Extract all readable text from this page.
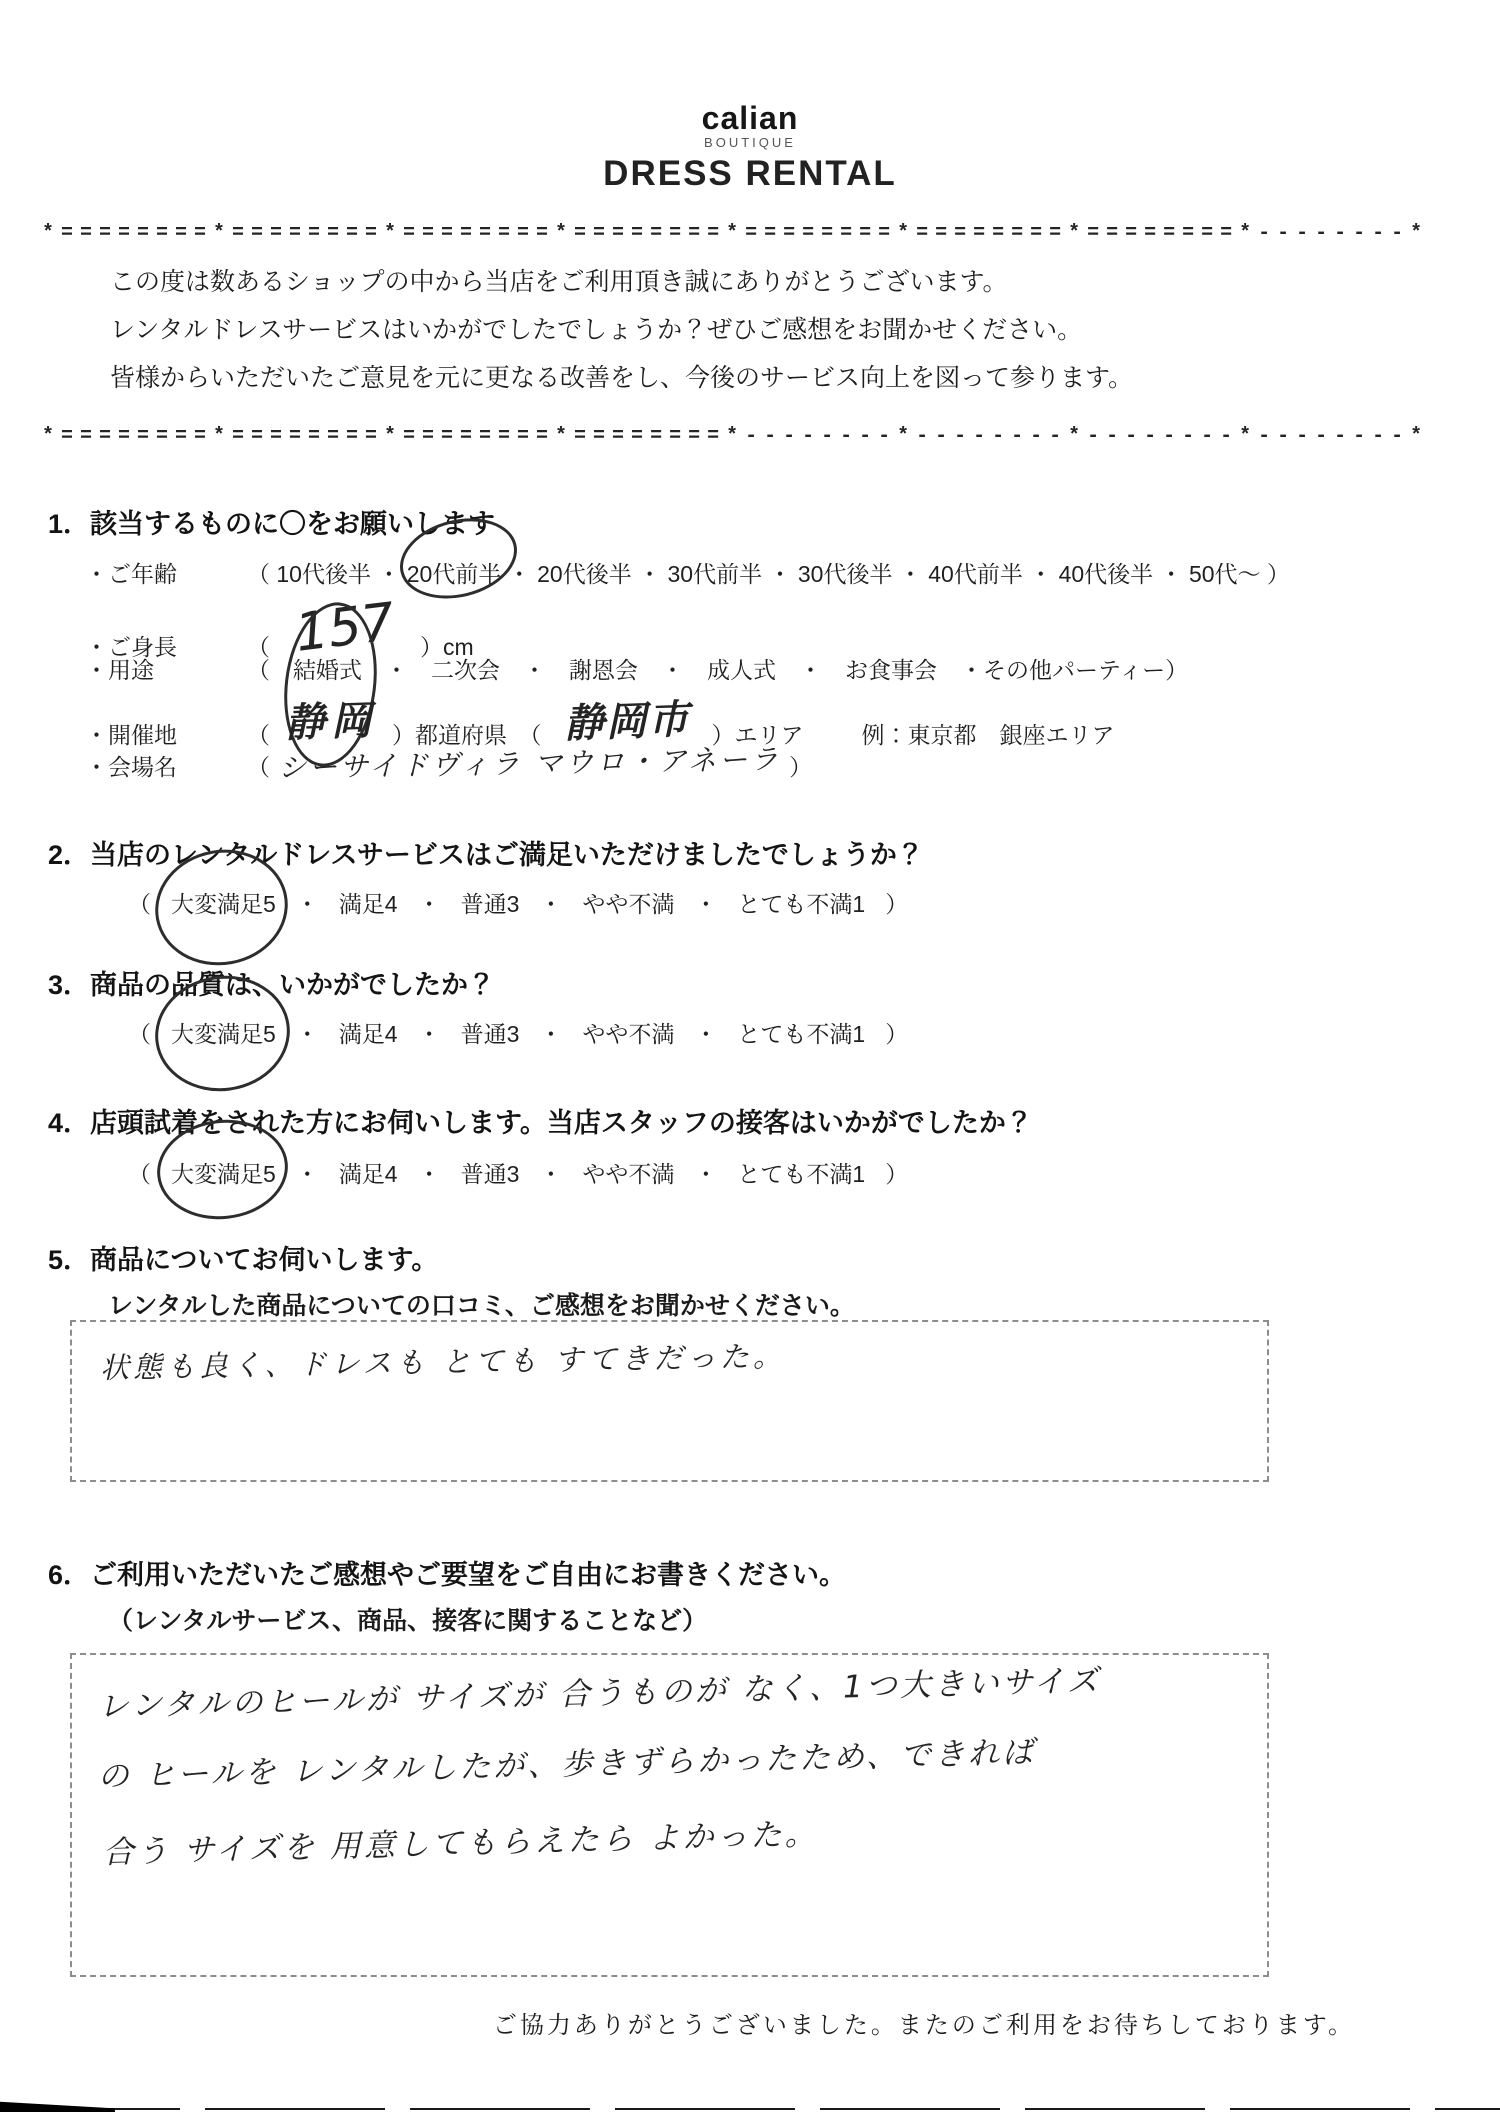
calian
BOUTIQUE
DRESS RENTAL
*========*========*========*========*========*========*========*--------*

この度は数あるショップの中から当店をご利用頂き誠にありがとうございます。

レンタルドレスサービスはいかがでしたでしょうか？ぜひご感想をお聞かせください。

皆様からいただいたご意見を元に更なる改善をし、今後のサービス向上を図って参ります。

*========*========*========*========*--------*--------*--------*--------*
1．該当するものに〇をお願いします
・ご年齢	（ 10代後半 ・ 20代前半 ・ 20代後半 ・ 30代前半 ・ 30代後半 ・ 40代前半 ・ 40代後半 ・ 50代～ ）
・ご身長	（ 157 ）cm
・用途	（　結婚式　・　二次会　・　謝恩会　・　成人式　・　お食事会　・その他パーティー）
・開催地	（ 静岡 ）都道府県　（ 静岡市 ）エリア	例：東京都　銀座エリア
・会場名	（ シーサイドヴィラ マウロ・アネーラ ）
2．当店のレンタルドレスサービスはご満足いただけましたでしょうか？
（ 大変満足5 ・ 満足4 ・ 普通3 ・ やや不満 ・ とても不満1 ）
3．商品の品質は、いかがでしたか？
（ 大変満足5 ・ 満足4 ・ 普通3 ・ やや不満 ・ とても不満1 ）
4．店頭試着をされた方にお伺いします。当店スタッフの接客はいかがでしたか？
（ 大変満足5 ・ 満足4 ・ 普通3 ・ やや不満 ・ とても不満1 ）
5．商品についてお伺いします。
レンタルした商品についての口コミ、ご感想をお聞かせください。
状態も良く、ドレスも とても すてきだった。
6．ご利用いただいたご感想やご要望をご自由にお書きください。
（レンタルサービス、商品、接客に関することなど）
レンタルのヒールが サイズが 合うものが なく、1つ大きいサイズ
の ヒールを レンタルしたが、歩きずらかったため、できれば
合う サイズを 用意してもらえたら よかった。
ご協力ありがとうございました。またのご利用をお待ちしております。
